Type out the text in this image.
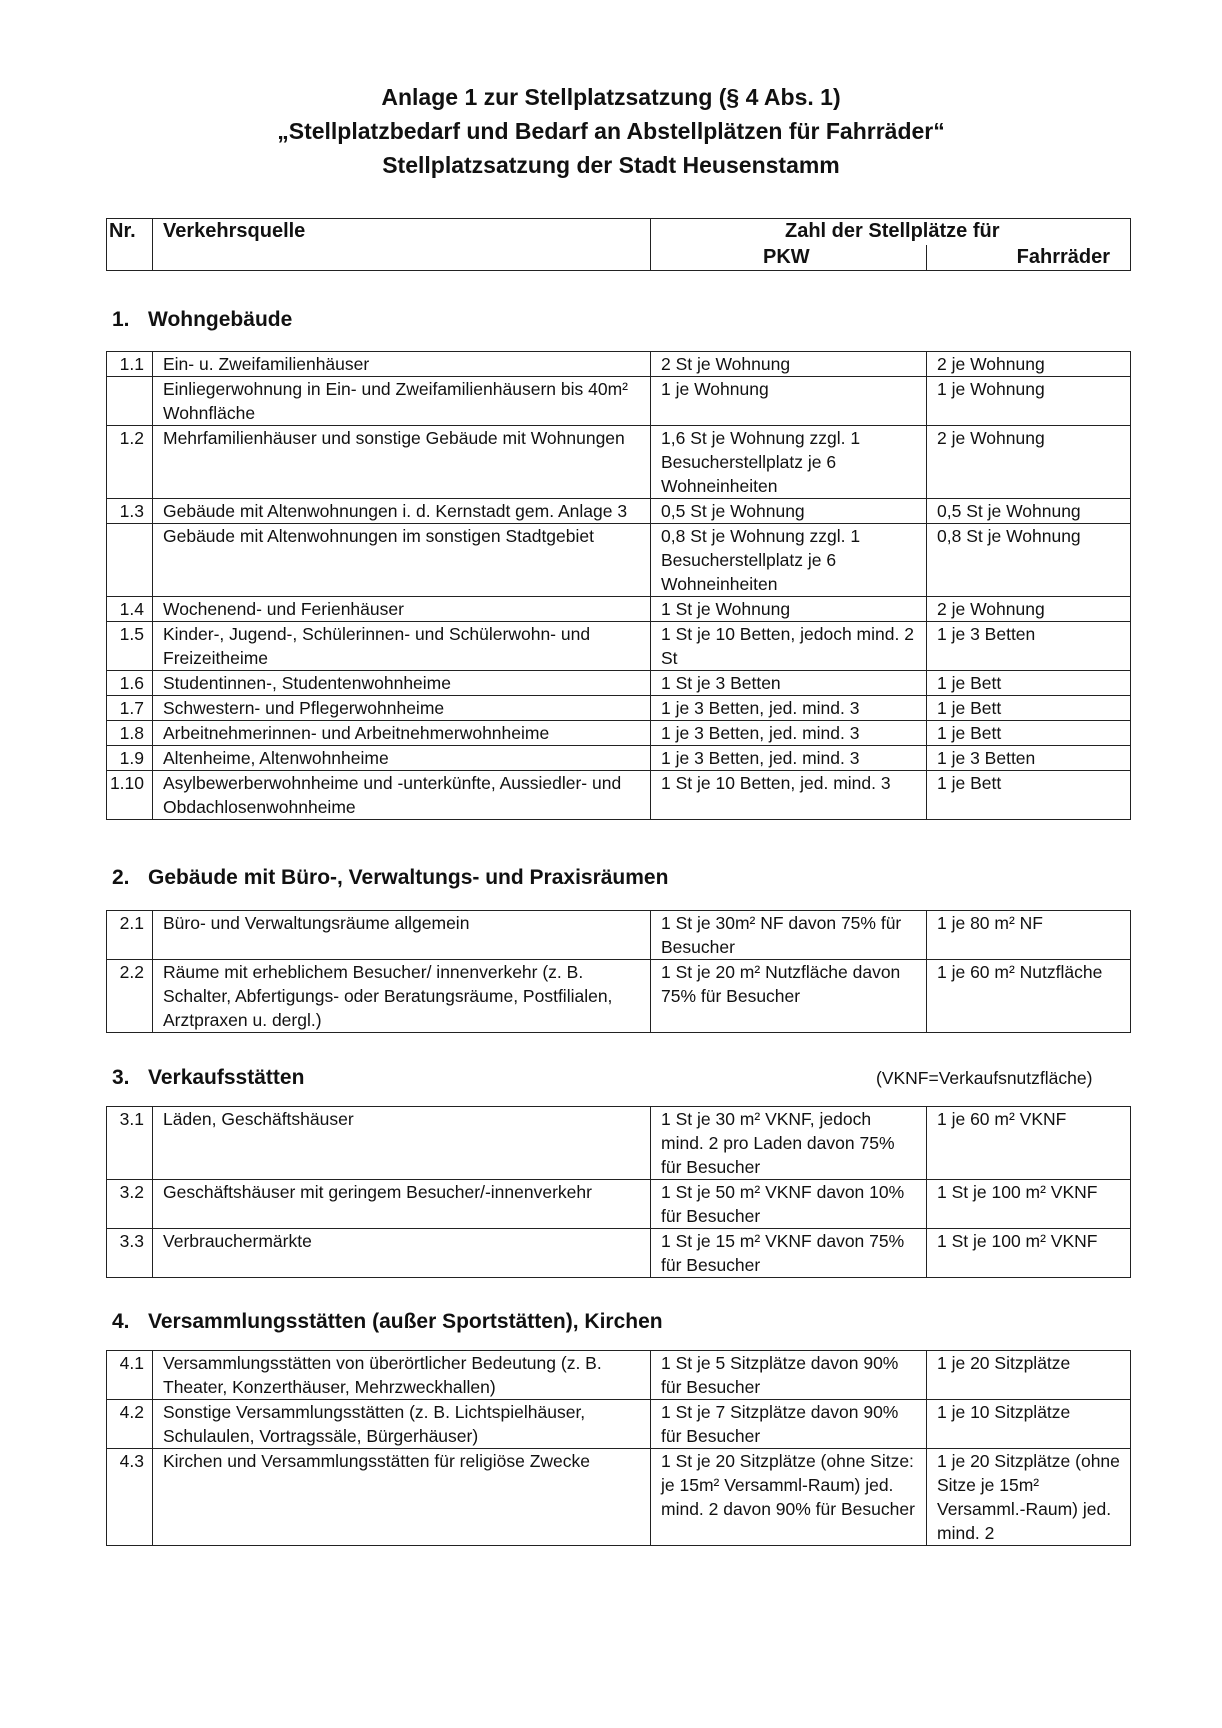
Anlage 1 zur Stellplatzsatzung (§ 4 Abs. 1)
„Stellplatzbedarf und Bedarf an Abstellplätzen für Fahrräder“
Stellplatzsatzung der Stadt Heusenstamm
Nr.	Verkehrsquelle	Zahl der Stellplätze für	
		PKW	Fahrräder
1. Wohngebäude
2. Gebäude mit Büro-, Verwaltungs- und Praxisräumen
3. Verkaufsstätten	(VKNF=Verkaufsnutzfläche)
4. Versammlungsstätten (außer Sportstätten), Kirchen
1.1	Ein- u. Zweifamilienhäuser	2 St je Wohnung	2 je Wohnung
	Einliegerwohnung in Ein- und Zweifamilienhäusern bis 40m² Wohnfläche	1 je Wohnung	1 je Wohnung
1.2	Mehrfamilienhäuser und sonstige Gebäude mit Wohnungen	1,6 St je Wohnung zzgl. 1 Besucherstellplatz je 6 Wohneinheiten	2 je Wohnung
1.3	Gebäude mit Altenwohnungen i. d. Kernstadt gem. Anlage 3	0,5 St je Wohnung	0,5 St je Wohnung
	Gebäude mit Altenwohnungen im sonstigen Stadtgebiet	0,8 St je Wohnung zzgl. 1 Besucherstellplatz je 6 Wohneinheiten	0,8 St je Wohnung
1.4	Wochenend- und Ferienhäuser	1 St je Wohnung	2 je Wohnung
1.5	Kinder-, Jugend-, Schülerinnen- und Schülerwohn- und Freizeitheime	1 St je 10 Betten, jedoch mind. 2 St	1 je 3 Betten
1.6	Studentinnen-, Studentenwohnheime	1 St je 3 Betten	1 je Bett
1.7	Schwestern- und Pflegerwohnheime	1 je 3 Betten, jed. mind. 3	1 je Bett
1.8	Arbeitnehmerinnen- und Arbeitnehmerwohnheime	1 je 3 Betten, jed. mind. 3	1 je Bett
1.9	Altenheime, Altenwohnheime	1 je 3 Betten, jed. mind. 3	1 je 3 Betten
1.10	Asylbewerberwohnheime und -unterkünfte, Aussiedler- und Obdachlosenwohnheime	1 St je 10 Betten, jed. mind. 3	1 je Bett
2.1	Büro- und Verwaltungsräume allgemein	1 St je 30m² NF davon 75% für Besucher	1 je 80 m² NF
2.2	Räume mit erheblichem Besucher/ innenverkehr (z. B. Schalter, Abfertigungs- oder Beratungsräume, Postfilialen, Arztpraxen u. dergl.)	1 St je 20 m² Nutzfläche davon 75% für Besucher	1 je 60 m² Nutzfläche
3.1	Läden, Geschäftshäuser	1 St je 30 m² VKNF, jedoch mind. 2 pro Laden davon 75% für Besucher	1 je 60 m² VKNF
3.2	Geschäftshäuser mit geringem Besucher/-innenverkehr	1 St je 50 m² VKNF davon 10% für Besucher	1 St je 100 m² VKNF
3.3	Verbrauchermärkte	1 St je 15 m² VKNF davon 75% für Besucher	1 St je 100 m² VKNF
4.1	Versammlungsstätten von überörtlicher Bedeutung (z. B. Theater, Konzerthäuser, Mehrzweckhallen)	1 St je 5 Sitzplätze davon 90% für Besucher	1 je 20 Sitzplätze
4.2	Sonstige Versammlungsstätten (z. B. Lichtspielhäuser, Schulaulen, Vortragssäle, Bürgerhäuser)	1 St je 7 Sitzplätze davon 90% für Besucher	1 je 10 Sitzplätze
4.3	Kirchen und Versammlungsstätten für religiöse Zwecke	1 St je 20 Sitzplätze (ohne Sitze: je 15m² Versamml-Raum) jed. mind. 2 davon 90% für Besucher	1 je 20 Sitzplätze (ohne Sitze je 15m² Versamml.-Raum) jed. mind. 2
